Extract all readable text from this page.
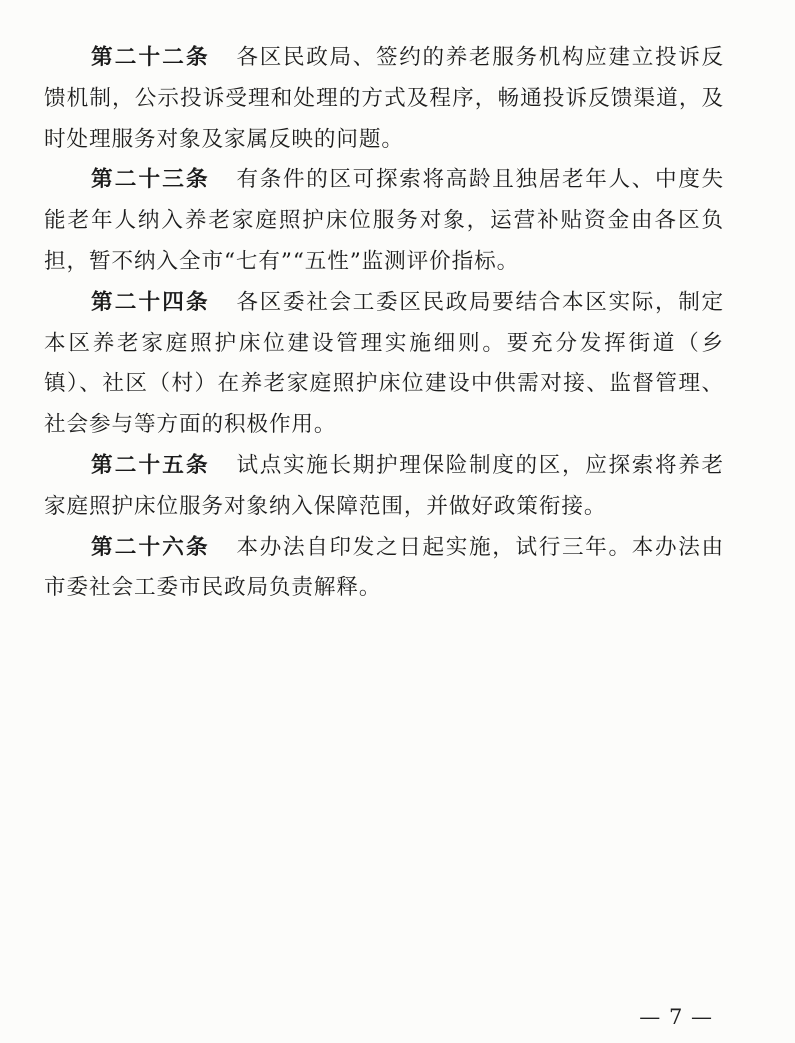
第二十二条 各区民政局、签约的养老服务机构应建立投诉反馈机制，公示投诉受理和处理的方式及程序，畅通投诉反馈渠道，及时处理服务对象及家属反映的问题。

第二十三条 有条件的区可探索将高龄且独居老年人、中度失能老年人纳入养老家庭照护床位服务对象，运营补贴资金由各区负担，暂不纳入全市“七有”“五性”监测评价指标。

第二十四条 各区委社会工委区民政局要结合本区实际，制定本区养老家庭照护床位建设管理实施细则。要充分发挥街道（乡镇）、社区（村）在养老家庭照护床位建设中供需对接、监督管理、社会参与等方面的积极作用。

第二十五条 试点实施长期护理保险制度的区，应探索将养老家庭照护床位服务对象纳入保障范围，并做好政策衔接。

第二十六条 本办法自印发之日起实施，试行三年。本办法由市委社会工委市民政局负责解释。

— 7 —
